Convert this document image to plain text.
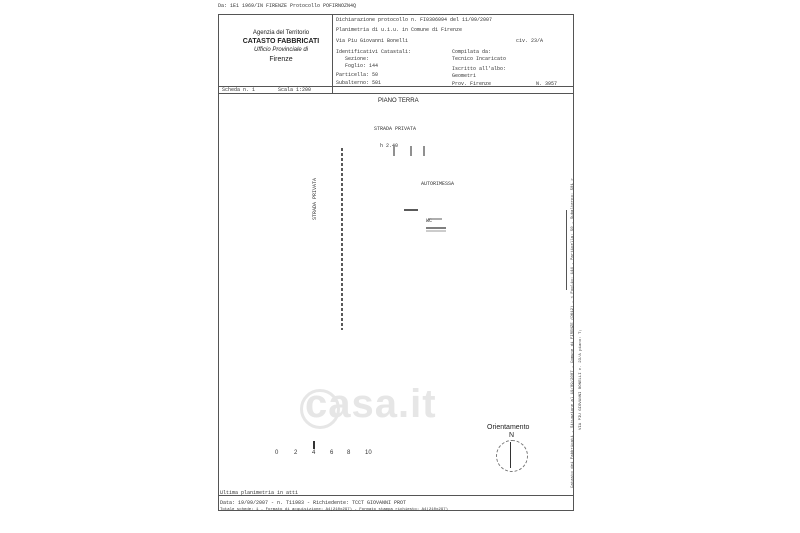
Da: 1E1 1969/IN FIRENZE Protocollo POFIRNOZN4Q
Agenzia del Territorio
CATASTO FABBRICATI
Ufficio Provinciale di
Firenze
Dichiarazione protocollo n. FI0306094 del 11/09/2007
Planimetria di u.i.u. in Comune di Firenze
Via Piu Giovanni Bonelli	civ. 23/A
Identificativi Catastali:
Sezione:
Foglio: 144
Particella: 50
Subalterno: 501
Compilata da:
Tecnico Incaricato
Iscritto all'albo:
Geometri
Prov. Firenze	N. 3957
Scheda n. 1	Scala 1:200
PIANO TERRA
casa.it
STRADA PRIVATA
AUTORIMESSA
STRADA PRIVATA
WC
h 2.40
0	2 4 6 8 10
Orientamento
N
Ultima planimetria in atti
Data: 19/09/2007 - n. T11983 - Richiedente: TCCT GIOVANNI PROT
Totale schede: 1 - Formato di acquisizione: A4(210x297) - Formato stampa richiesto: A4(210x297)
Catasto dei Fabbricati - Situazione al 19/09/2007 - Comune di FIRENZE (D612) - < Foglio: 144 - Particella: 50 - Subalterno: 501 > VIA PIU GIOVANNI BONELLI n. 23/A piano: T;
